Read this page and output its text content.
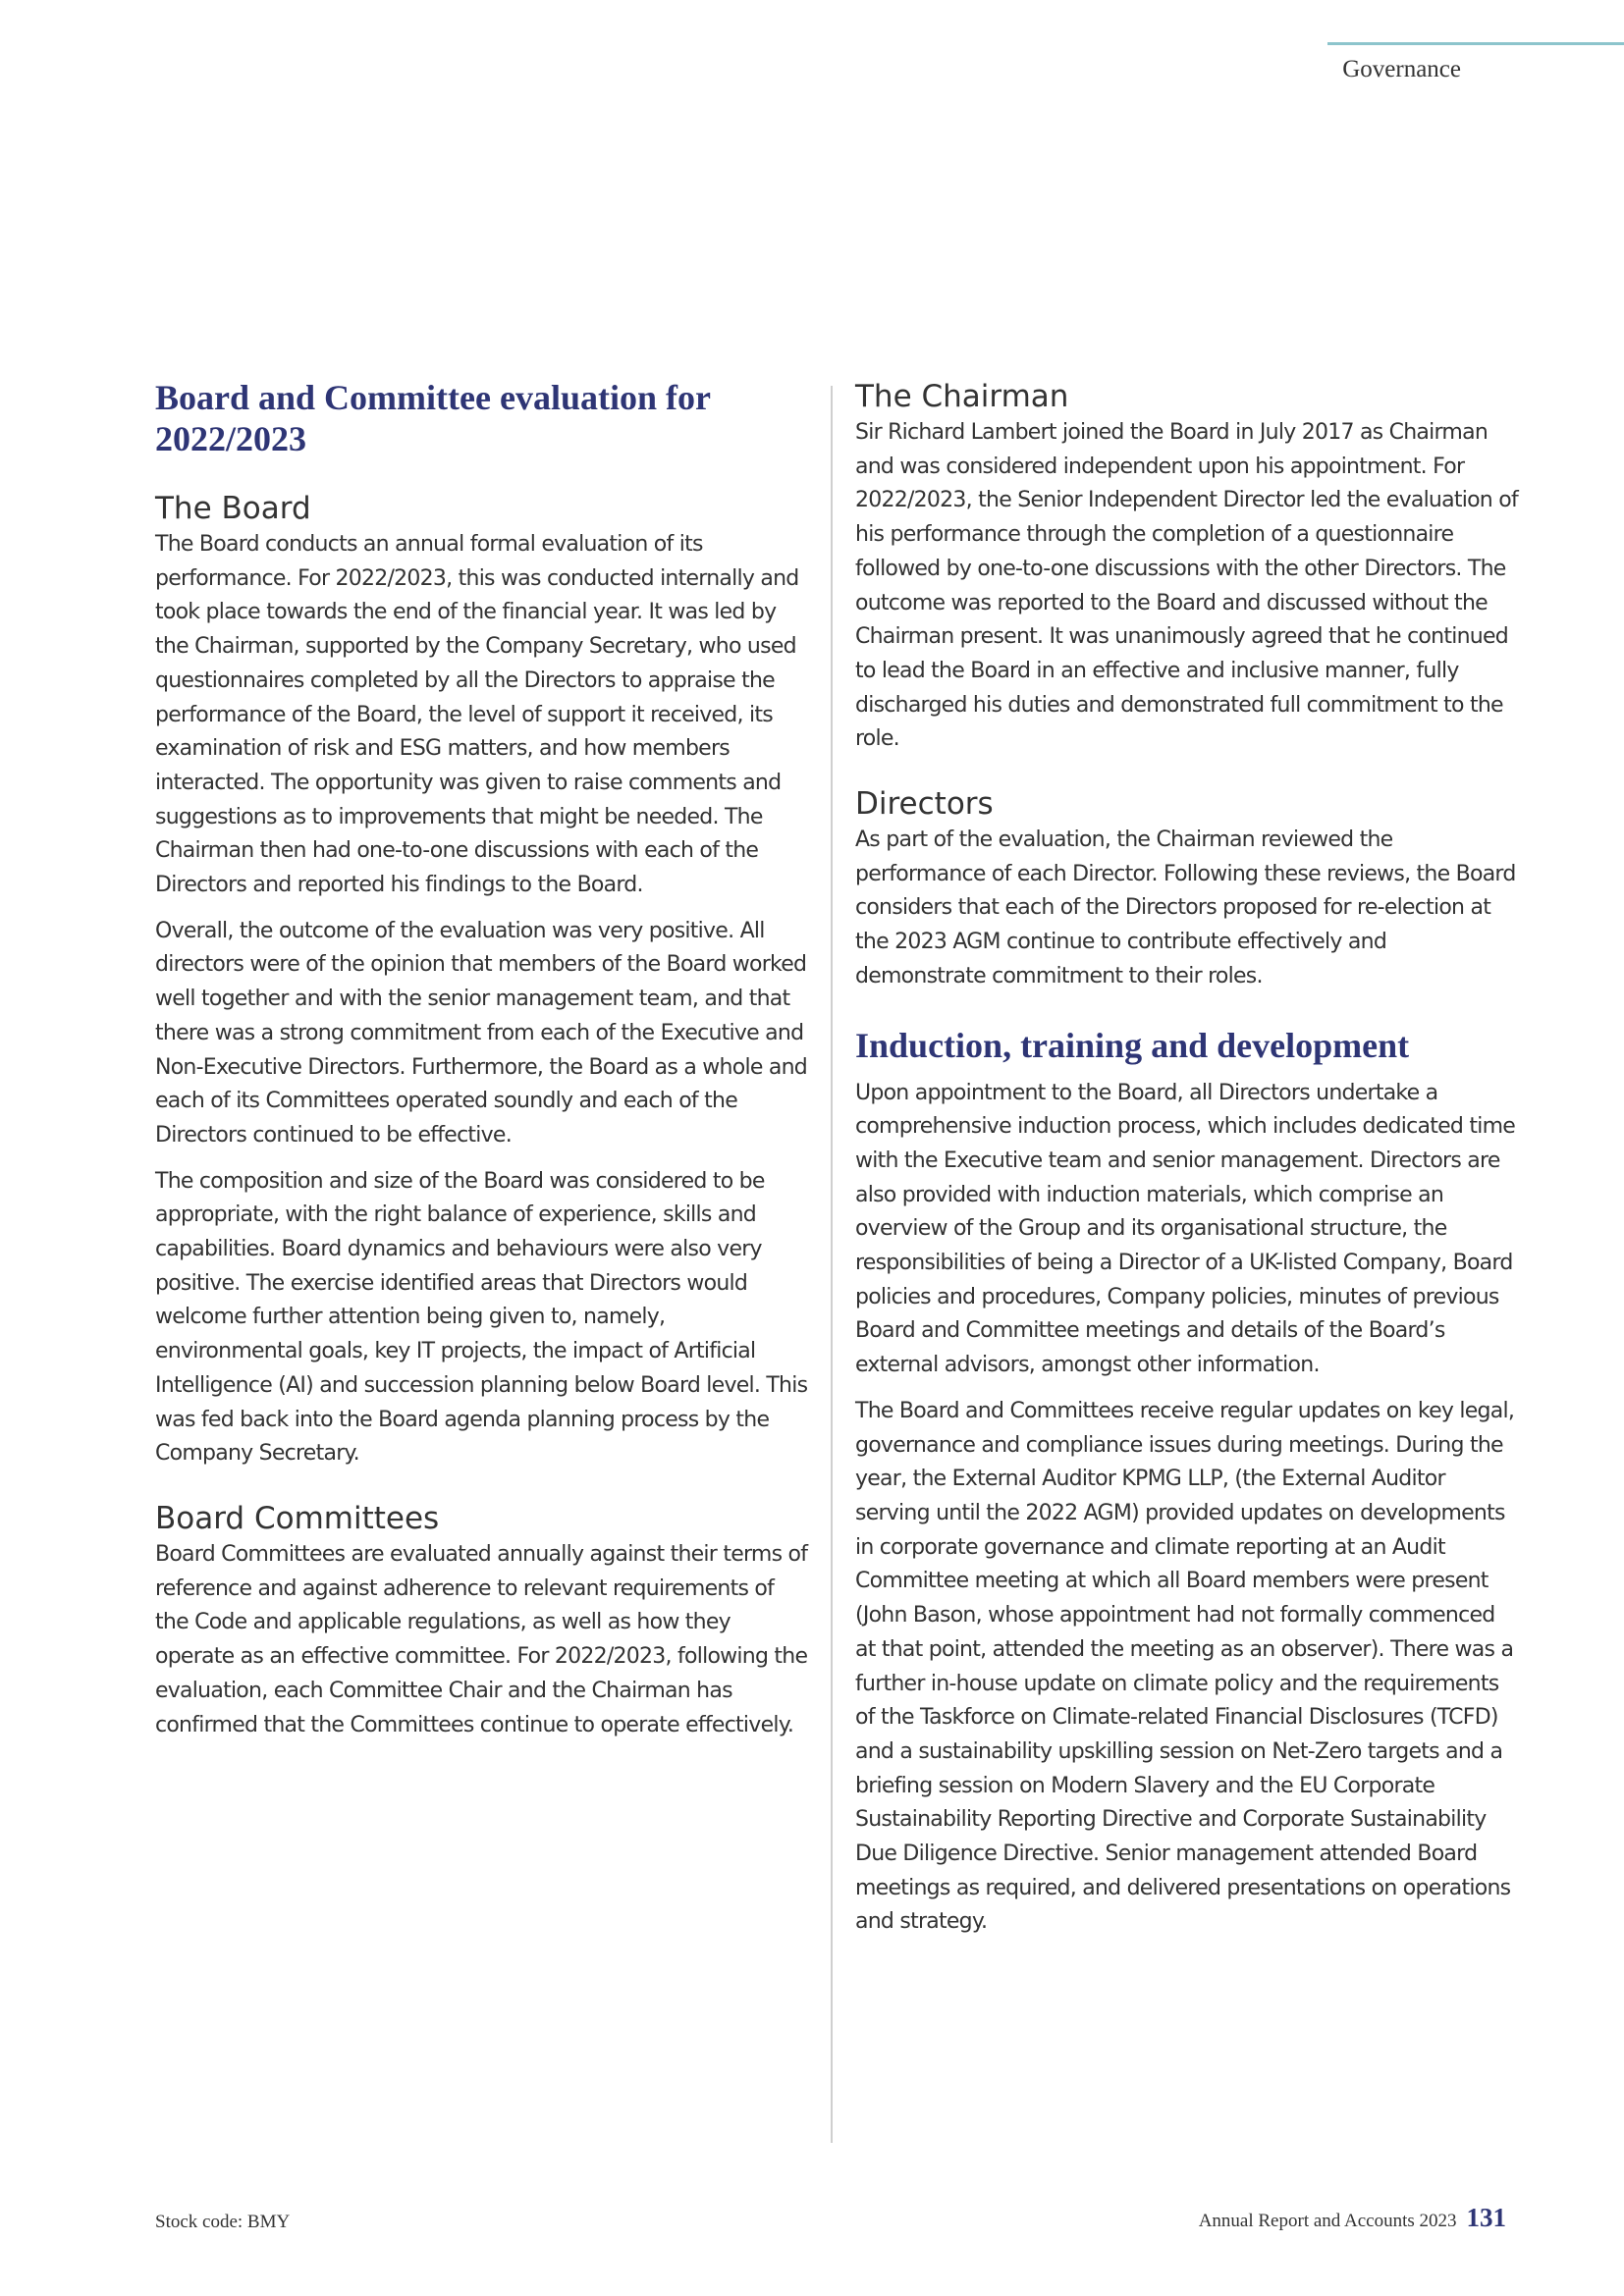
Governance
Board and Committee evaluation for 2022/2023
The Board

The Board conducts an annual formal evaluation of its performance. For 2022/2023, this was conducted internally and took place towards the end of the financial year. It was led by the Chairman, supported by the Company Secretary, who used questionnaires completed by all the Directors to appraise the performance of the Board, the level of support it received, its examination of risk and ESG matters, and how members interacted. The opportunity was given to raise comments and suggestions as to improvements that might be needed. The Chairman then had one-to-one discussions with each of the Directors and reported his findings to the Board.

Overall, the outcome of the evaluation was very positive. All directors were of the opinion that members of the Board worked well together and with the senior management team, and that there was a strong commitment from each of the Executive and Non-Executive Directors. Furthermore, the Board as a whole and each of its Committees operated soundly and each of the Directors continued to be effective.

The composition and size of the Board was considered to be appropriate, with the right balance of experience, skills and capabilities. Board dynamics and behaviours were also very positive. The exercise identified areas that Directors would welcome further attention being given to, namely, environmental goals, key IT projects, the impact of Artificial Intelligence (AI) and succession planning below Board level. This was fed back into the Board agenda planning process by the Company Secretary.

Board Committees

Board Committees are evaluated annually against their terms of reference and against adherence to relevant requirements of the Code and applicable regulations, as well as how they operate as an effective committee. For 2022/2023, following the evaluation, each Committee Chair and the Chairman has confirmed that the Committees continue to operate effectively.

The Chairman

Sir Richard Lambert joined the Board in July 2017 as Chairman and was considered independent upon his appointment. For 2022/2023, the Senior Independent Director led the evaluation of his performance through the completion of a questionnaire followed by one-to-one discussions with the other Directors. The outcome was reported to the Board and discussed without the Chairman present. It was unanimously agreed that he continued to lead the Board in an effective and inclusive manner, fully discharged his duties and demonstrated full commitment to the role.

Directors

As part of the evaluation, the Chairman reviewed the performance of each Director. Following these reviews, the Board considers that each of the Directors proposed for re-election at the 2023 AGM continue to contribute effectively and demonstrate commitment to their roles.

Induction, training and development

Upon appointment to the Board, all Directors undertake a comprehensive induction process, which includes dedicated time with the Executive team and senior management. Directors are also provided with induction materials, which comprise an overview of the Group and its organisational structure, the responsibilities of being a Director of a UK-listed Company, Board policies and procedures, Company policies, minutes of previous Board and Committee meetings and details of the Board’s external advisors, amongst other information.

The Board and Committees receive regular updates on key legal, governance and compliance issues during meetings. During the year, the External Auditor KPMG LLP, (the External Auditor serving until the 2022 AGM) provided updates on developments in corporate governance and climate reporting at an Audit Committee meeting at which all Board members were present (John Bason, whose appointment had not formally commenced at that point, attended the meeting as an observer). There was a further in-house update on climate policy and the requirements of the Taskforce on Climate-related Financial Disclosures (TCFD) and a sustainability upskilling session on Net-Zero targets and a briefing session on Modern Slavery and the EU Corporate Sustainability Reporting Directive and Corporate Sustainability Due Diligence Directive. Senior management attended Board meetings as required, and delivered presentations on operations and strategy.

Stock code: BMY	Annual Report and Accounts 2023 131
